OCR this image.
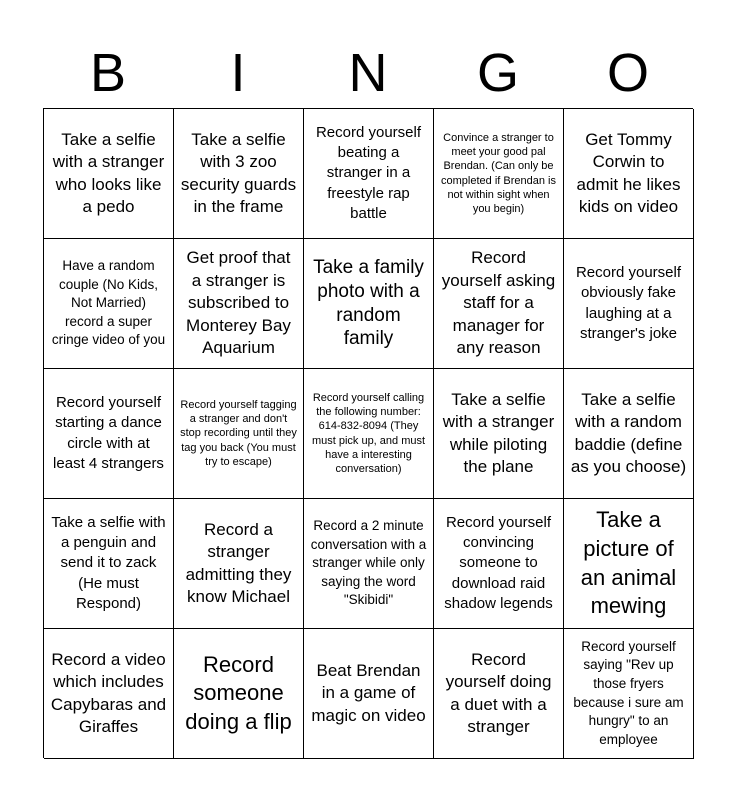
B	I	N	G	O
Take a selfie with a stranger who looks like a pedo
Take a selfie with 3 zoo security guards in the frame
Record yourself beating a stranger in a freestyle rap battle
Convince a stranger to meet your good pal Brendan. (Can only be completed if Brendan is not within sight when you begin)
Get Tommy Corwin to admit he likes kids on video
Have a random couple (No Kids, Not Married) record a super cringe video of you
Get proof that a stranger is subscribed to Monterey Bay Aquarium
Take a family photo with a random family
Record yourself asking staff for a manager for any reason
Record yourself obviously fake laughing at a stranger's joke
Record yourself starting a dance circle with at least 4 strangers
Record yourself tagging a stranger and don't stop recording until they tag you back (You must try to escape)
Record yourself calling the following number: 614-832-8094 (They must pick up, and must have a interesting conversation)
Take a selfie with a stranger while piloting the plane
Take a selfie with a random baddie (define as you choose)
Take a selfie with a penguin and send it to zack (He must Respond)
Record a stranger admitting they know Michael
Record a 2 minute conversation with a stranger while only saying the word "Skibidi"
Record yourself convincing someone to download raid shadow legends
Take a picture of an animal mewing
Record a video which includes Capybaras and Giraffes
Record someone doing a flip
Beat Brendan in a game of magic on video
Record yourself doing a duet with a stranger
Record yourself saying "Rev up those fryers because i sure am hungry" to an employee
